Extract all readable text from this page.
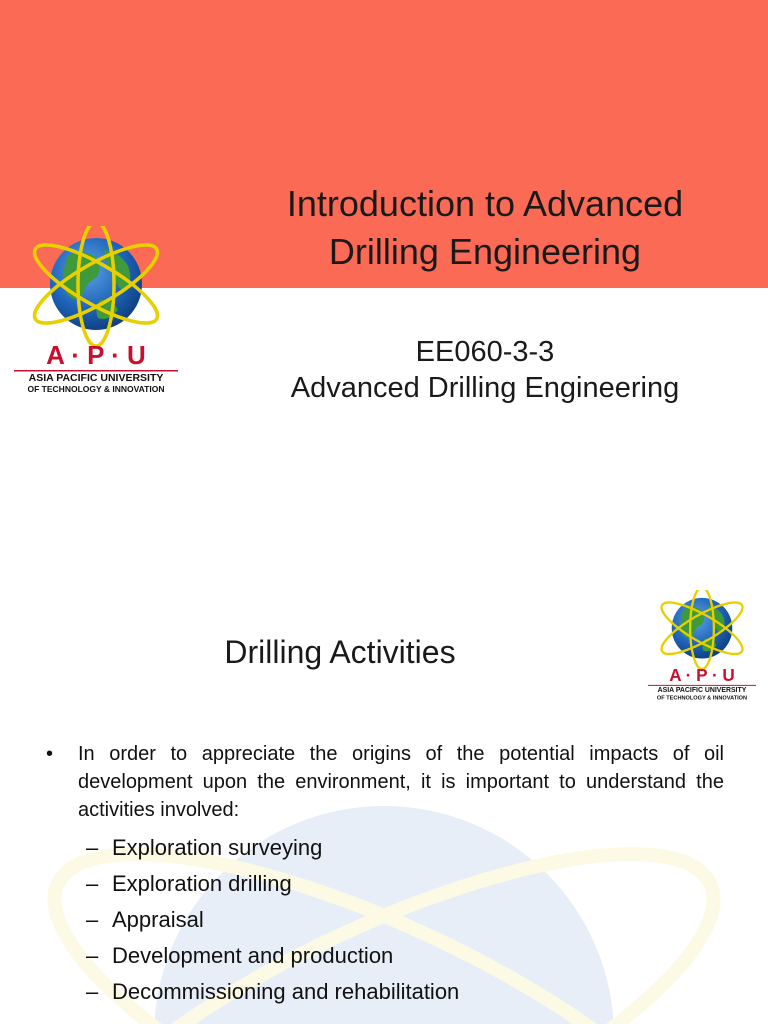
Introduction to Advanced
Drilling Engineering
EE060-3-3
Advanced Drilling Engineering
A · P · U
ASIA PACIFIC UNIVERSITY
OF TECHNOLOGY & INNOVATION
A · P · U
ASIA PACIFIC UNIVERSITY
OF TECHNOLOGY & INNOVATION
Drilling Activities
• In order to appreciate the origins of the potential impacts of oil development upon the environment, it is important to understand the activities involved:
– Exploration surveying
– Exploration drilling
– Appraisal
– Development and production
– Decommissioning and rehabilitation
